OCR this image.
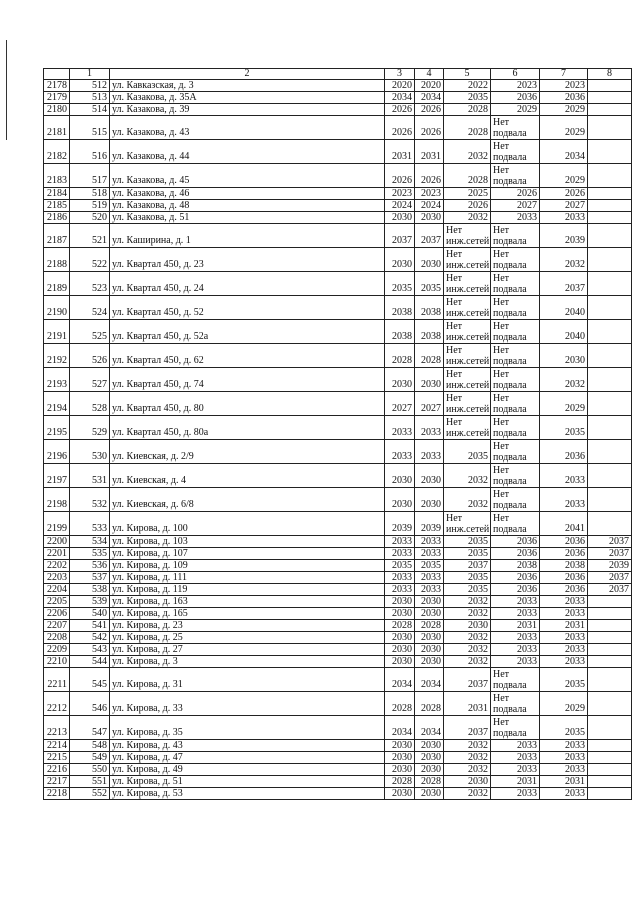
	1	2	3	4	5	6	7	8
2178	512	ул. Кавказская, д. 3	2020	2020	2022	2023	2023	
2179	513	ул. Казакова, д. 35А	2034	2034	2035	2036	2036	
2180	514	ул. Казакова, д. 39	2026	2026	2028	2029	2029	
2181	515	ул. Казакова, д. 43	2026	2026	2028	Нет подвала	2029	
2182	516	ул. Казакова, д. 44	2031	2031	2032	Нет подвала	2034	
2183	517	ул. Казакова, д. 45	2026	2026	2028	Нет подвала	2029	
2184	518	ул. Казакова, д. 46	2023	2023	2025	2026	2026	
2185	519	ул. Казакова, д. 48	2024	2024	2026	2027	2027	
2186	520	ул. Казакова, д. 51	2030	2030	2032	2033	2033	
2187	521	ул. Каширина, д. 1	2037	2037	Нет инж.сетей	Нет подвала	2039	
2188	522	ул. Квартал 450, д. 23	2030	2030	Нет инж.сетей	Нет подвала	2032	
2189	523	ул. Квартал 450, д. 24	2035	2035	Нет инж.сетей	Нет подвала	2037	
2190	524	ул. Квартал 450, д. 52	2038	2038	Нет инж.сетей	Нет подвала	2040	
2191	525	ул. Квартал 450, д. 52а	2038	2038	Нет инж.сетей	Нет подвала	2040	
2192	526	ул. Квартал 450, д. 62	2028	2028	Нет инж.сетей	Нет подвала	2030	
2193	527	ул. Квартал 450, д. 74	2030	2030	Нет инж.сетей	Нет подвала	2032	
2194	528	ул. Квартал 450, д. 80	2027	2027	Нет инж.сетей	Нет подвала	2029	
2195	529	ул. Квартал 450, д. 80а	2033	2033	Нет инж.сетей	Нет подвала	2035	
2196	530	ул. Киевская, д. 2/9	2033	2033	2035	Нет подвала	2036	
2197	531	ул. Киевская, д. 4	2030	2030	2032	Нет подвала	2033	
2198	532	ул. Киевская, д. 6/8	2030	2030	2032	Нет подвала	2033	
2199	533	ул. Кирова, д. 100	2039	2039	Нет инж.сетей	Нет подвала	2041	
2200	534	ул. Кирова, д. 103	2033	2033	2035	2036	2036	2037
2201	535	ул. Кирова, д. 107	2033	2033	2035	2036	2036	2037
2202	536	ул. Кирова, д. 109	2035	2035	2037	2038	2038	2039
2203	537	ул. Кирова, д. 111	2033	2033	2035	2036	2036	2037
2204	538	ул. Кирова, д. 119	2033	2033	2035	2036	2036	2037
2205	539	ул. Кирова, д. 163	2030	2030	2032	2033	2033	
2206	540	ул. Кирова, д. 165	2030	2030	2032	2033	2033	
2207	541	ул. Кирова, д. 23	2028	2028	2030	2031	2031	
2208	542	ул. Кирова, д. 25	2030	2030	2032	2033	2033	
2209	543	ул. Кирова, д. 27	2030	2030	2032	2033	2033	
2210	544	ул. Кирова, д. 3	2030	2030	2032	2033	2033	
2211	545	ул. Кирова, д. 31	2034	2034	2037	Нет подвала	2035	
2212	546	ул. Кирова, д. 33	2028	2028	2031	Нет подвала	2029	
2213	547	ул. Кирова, д. 35	2034	2034	2037	Нет подвала	2035	
2214	548	ул. Кирова, д. 43	2030	2030	2032	2033	2033	
2215	549	ул. Кирова, д. 47	2030	2030	2032	2033	2033	
2216	550	ул. Кирова, д. 49	2030	2030	2032	2033	2033	
2217	551	ул. Кирова, д. 51	2028	2028	2030	2031	2031	
2218	552	ул. Кирова, д. 53	2030	2030	2032	2033	2033	
